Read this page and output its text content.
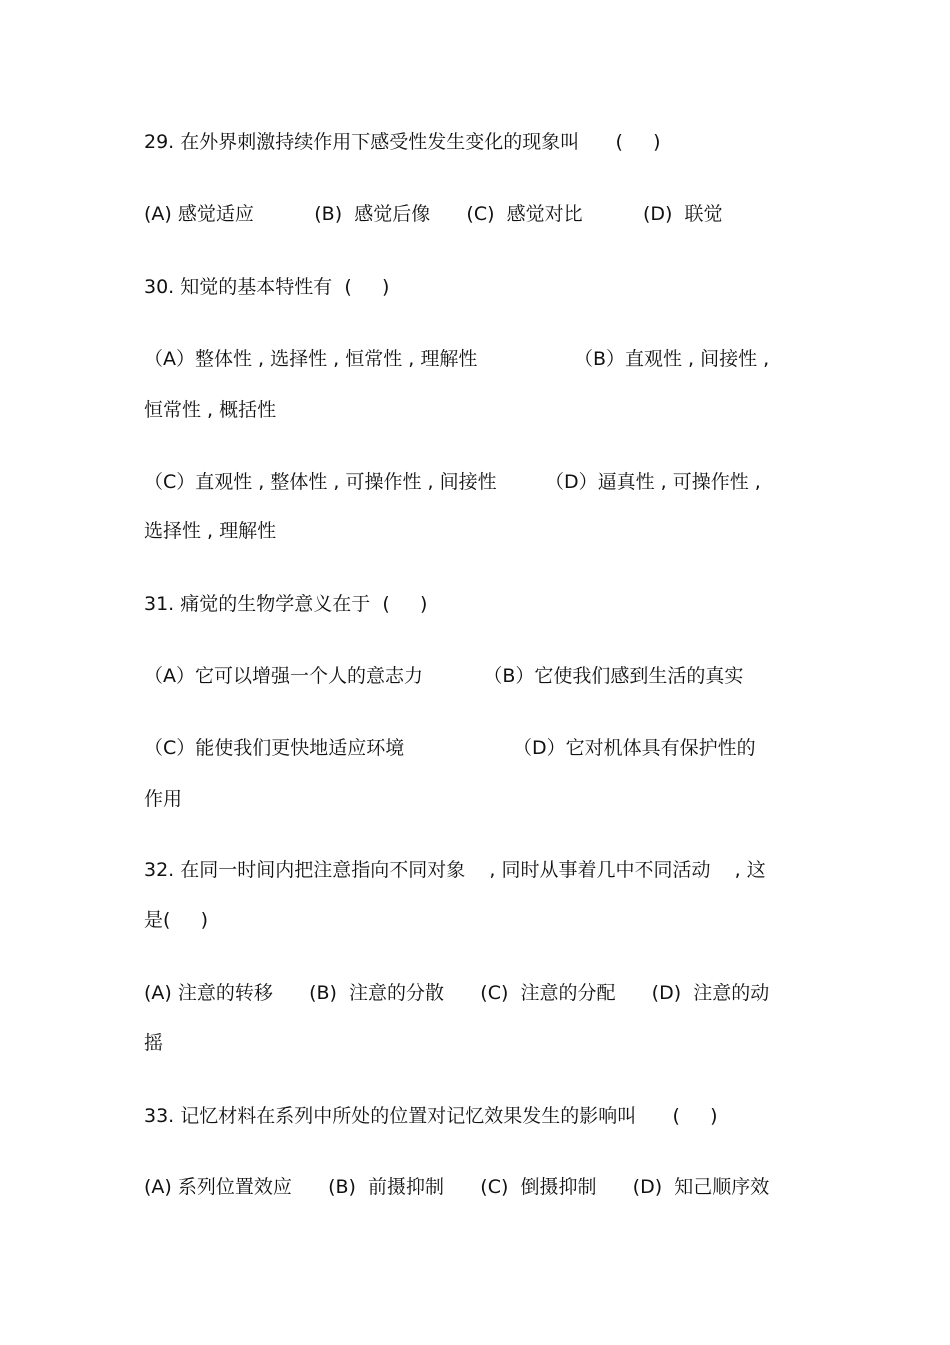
29. 在外界刺激持续作用下感受性发生变化的现象叫      (     )
(A) 感觉适应          (B)  感觉后像      (C)  感觉对比          (D)  联觉
30. 知觉的基本特性有  (     )
（A）整体性 , 选择性 , 恒常性 , 理解性                （B）直观性 , 间接性 ,
恒常性 , 概括性
（C）直观性 , 整体性 , 可操作性 , 间接性        （D）逼真性 , 可操作性 ,
选择性 , 理解性
31. 痛觉的生物学意义在于  (     )
（A）它可以增强一个人的意志力          （B）它使我们感到生活的真实
（C）能使我们更快地适应环境                  （D）它对机体具有保护性的
作用
32. 在同一时间内把注意指向不同对象    , 同时从事着几中不同活动    , 这
是(     )
(A) 注意的转移      (B)  注意的分散      (C)  注意的分配      (D)  注意的动
摇
33. 记忆材料在系列中所处的位置对记忆效果发生的影响叫      (     )
(A) 系列位置效应      (B)  前摄抑制      (C)  倒摄抑制      (D)  知己顺序效
